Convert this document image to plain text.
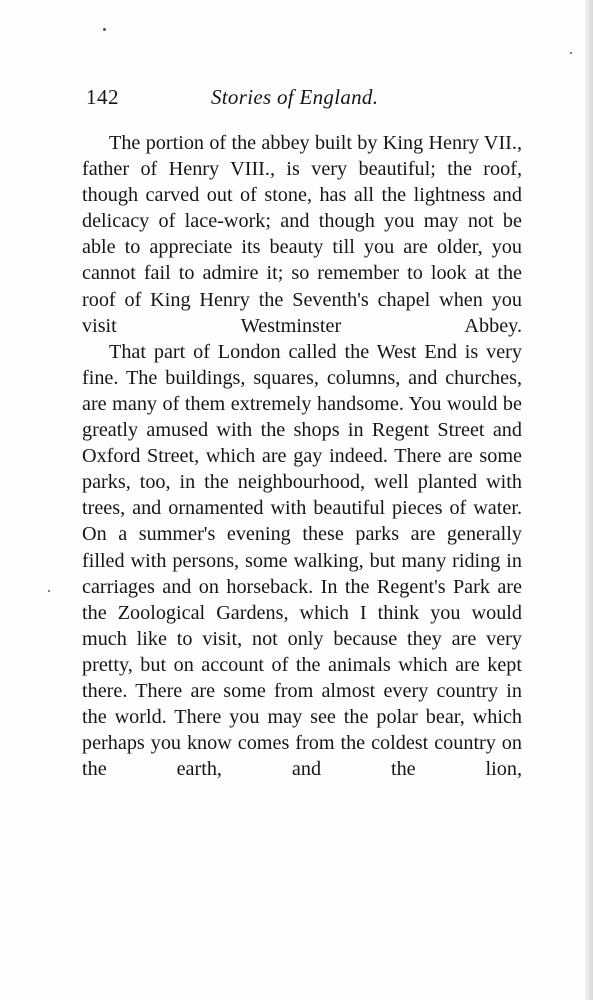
142	Stories of England.

The portion of the abbey built by King Henry VII., father of Henry VIII., is very beautiful; the roof, though carved out of stone, has all the lightness and delicacy of lace-work; and though you may not be able to appreciate its beauty till you are older, you cannot fail to admire it; so remember to look at the roof of King Henry the Seventh's chapel when you visit Westminster Abbey.

That part of London called the West End is very fine. The buildings, squares, columns, and churches, are many of them extremely handsome. You would be greatly amused with the shops in Regent Street and Oxford Street, which are gay indeed. There are some parks, too, in the neighbourhood, well planted with trees, and ornamented with beautiful pieces of water. On a summer's evening these parks are generally filled with persons, some walking, but many riding in carriages and on horseback. In the Regent's Park are the Zoological Gardens, which I think you would much like to visit, not only because they are very pretty, but on account of the animals which are kept there. There are some from almost every country in the world. There you may see the polar bear, which perhaps you know comes from the coldest country on the earth, and the lion,
